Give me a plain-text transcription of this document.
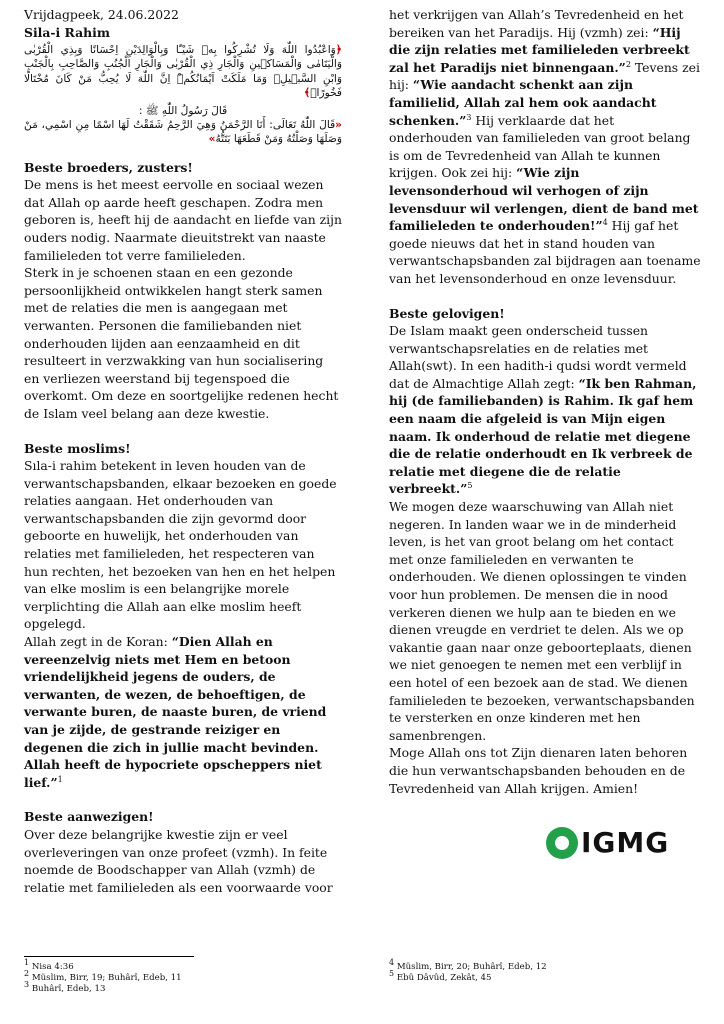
Vrijdagpeek, 24.06.2022

Sila-i Rahim

﴿وَاعْبُدُوا اللّٰهَ وَلَا تُشْرِكُوا بِه۪ شَيْـًٔا وَبِالْوَالِدَيْنِ اِحْسَانًا وَبِذِي الْقُرْبٰى وَالْيَتَامٰى وَالْمَسَاك۪ينِ وَالْجَارِ ذِي الْقُرْبٰى وَالْجَارِ الْجُنُبِ وَالصَّاحِبِ بِالْجَنْبِ وَابْنِ السَّب۪يلِۙ وَمَا مَلَكَتْ اَيْمَانُكُمْۜ اِنَّ اللّٰهَ لَا يُحِبُّ مَنْ كَانَ مُخْتَالًا فَخُورًاۙ﴾

قَالَ رَسُولُ اللّٰهِ ﷺ :

«قَالَ اللّٰهُ تَعَالَى: أَنَا الرَّحْمَنُ وَهِيَ الرَّحِمُ شَقَقْتُ لَهَا اسْمًا مِنِ اسْمِي، مَنْ وَصَلَهَا وَصَلْتُهُ وَمَنْ قَطَعَهَا بَتَتُّهُ»

Beste broeders, zusters!

De mens is het meest eervolle en sociaal wezen dat Allah op aarde heeft geschapen. Zodra men geboren is, heeft hij de aandacht en liefde van zijn ouders nodig. Naarmate dieuitstrekt van naaste familieleden tot verre familieleden.

Sterk in je schoenen staan en een gezonde persoonlijkheid ontwikkelen hangt sterk samen met de relaties die men is aangegaan met verwanten. Personen die familiebanden niet onderhouden lijden aan eenzaamheid en dit resulteert in verzwakking van hun socialisering en verliezen weerstand bij tegenspoed die overkomt. Om deze en soortgelijke redenen hecht de Islam veel belang aan deze kwestie.

Beste moslims!

Sıla-i rahim betekent in leven houden van de verwantschapsbanden, elkaar bezoeken en goede relaties aangaan. Het onderhouden van verwantschapsbanden die zijn gevormd door geboorte en huwelijk, het onderhouden van relaties met familieleden, het respecteren van hun rechten, het bezoeken van hen en het helpen van elke moslim is een belangrijke morele verplichting die Allah aan elke moslim heeft opgelegd.

Allah zegt in de Koran: “Dien Allah en vereenzelvig niets met Hem en betoon vriendelijkheid jegens de ouders, de verwanten, de wezen, de behoeftigen, de verwante buren, de naaste buren, de vriend van je zijde, de gestrande reiziger en degenen die zich in jullie macht bevinden. Allah heeft de hypocriete opscheppers niet lief.”$^1$

Beste aanwezigen!

Over deze belangrijke kwestie zijn er veel overleveringen van onze profeet (vzmh). In feite noemde de Boodschapper van Allah (vzmh) de relatie met familieleden als een voorwaarde voor

het verkrijgen van Allah’s Tevredenheid en het bereiken van het Paradijs. Hij (vzmh) zei: “Hij die zijn relaties met familieleden verbreekt zal het Paradijs niet binnengaan.”$^2$ Tevens zei hij: “Wie aandacht schenkt aan zijn familielid, Allah zal hem ook aandacht schenken.”$^3$ Hij verklaarde dat het onderhouden van familieleden van groot belang is om de Tevredenheid van Allah te kunnen krijgen. Ook zei hij: “Wie zijn levensonderhoud wil verhogen of zijn levensduur wil verlengen, dient de band met familieleden te onderhouden!”$^4$ Hij gaf het goede nieuws dat het in stand houden van verwantschapsbanden zal bijdragen aan toename van het levensonderhoud en onze levensduur.

Beste gelovigen!

De Islam maakt geen onderscheid tussen verwantschapsrelaties en de relaties met Allah(swt). In een hadith-i qudsi wordt vermeld dat de Almachtige Allah zegt: “Ik ben Rahman, hij (de familiebanden) is Rahim. Ik gaf hem een naam die afgeleid is van Mijn eigen naam. Ik onderhoud de relatie met diegene die de relatie onderhoudt en Ik verbreek de relatie met diegene die de relatie verbreekt.”$^5$

We mogen deze waarschuwing van Allah niet negeren. In landen waar we in de minderheid leven, is het van groot belang om het contact met onze familieleden en verwanten te onderhouden. We dienen oplossingen te vinden voor hun problemen. De mensen die in nood verkeren dienen we hulp aan te bieden en we dienen vreugde en verdriet te delen. Als we op vakantie gaan naar onze geboorteplaats, dienen we niet genoegen te nemen met een verblijf in een hotel of een bezoek aan de stad. We dienen familieleden te bezoeken, verwantschapsbanden te versterken en onze kinderen met hen samenbrengen.

Moge Allah ons tot Zijn dienaren laten behoren die hun verwantschapsbanden behouden en de Tevredenheid van Allah krijgen. Amien!

IGMG
$^1$ Nisa 4:36
$^2$ Müslim, Birr, 19; Buhârî, Edeb, 11
$^3$ Buhârî, Edeb, 13
$^4$ Müslim, Birr, 20; Buhârî, Edeb, 12
$^5$ Ebû Dâvûd, Zekât, 45
